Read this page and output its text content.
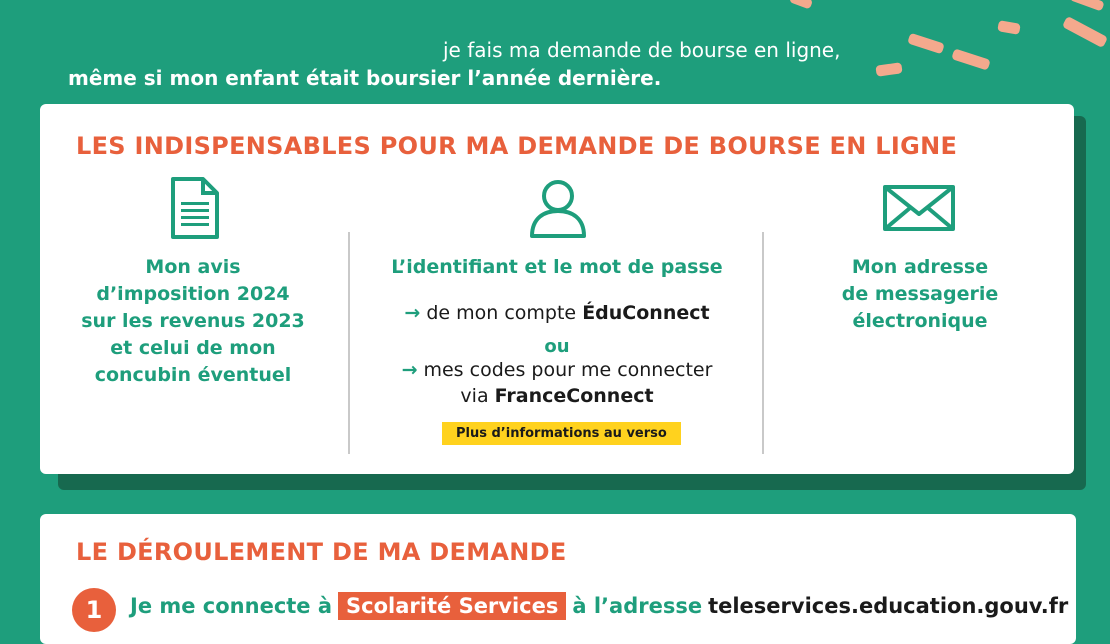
je fais ma demande de bourse en ligne,
même si mon enfant était boursier l’année dernière.
LES INDISPENSABLES POUR MA DEMANDE DE BOURSE EN LIGNE
Mon avis
d’imposition 2024
sur les revenus 2023
et celui de mon
concubin éventuel
L’identifiant et le mot de passe
→ de mon compte ÉduConnect
ou
→ mes codes pour me connecter
via FranceConnect
Plus d’informations au verso
Mon adresse
de messagerie
électronique
LE DÉROULEMENT DE MA DEMANDE
1	Je me connecte à Scolarité Services à l’adresse teleservices.education.gouv.fr
